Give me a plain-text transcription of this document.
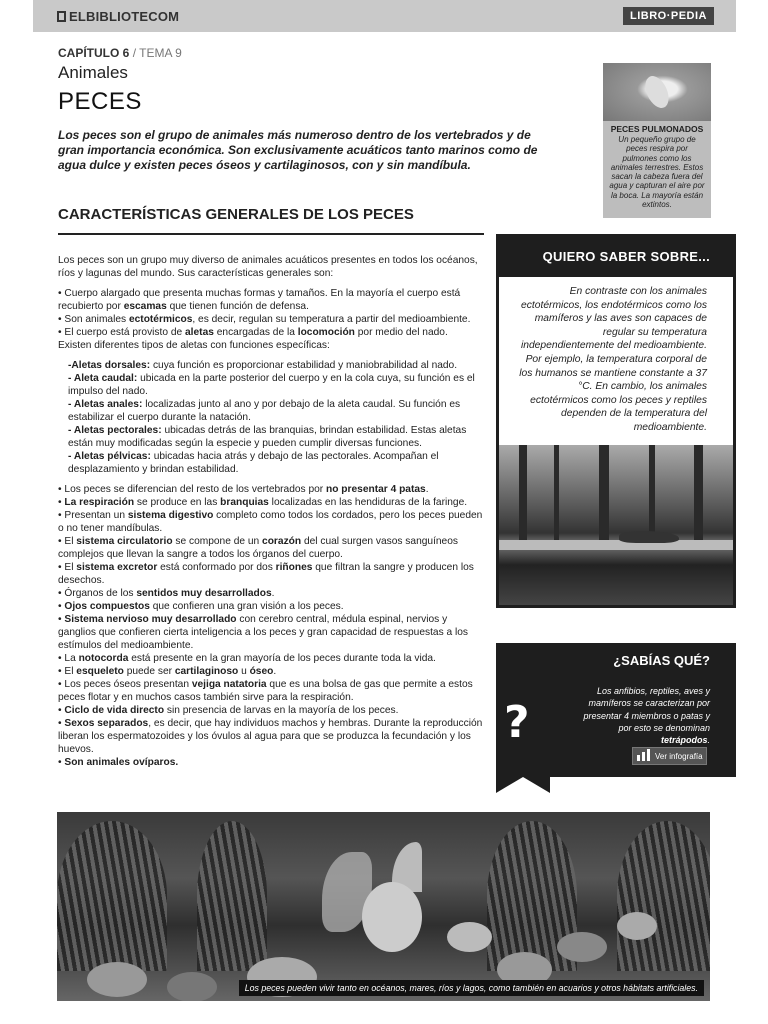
ELBIBLIOTECOM	LIBRO·PEDIA
CAPÍTULO 6 / TEMA 9
Animales
PECES
Los peces son el grupo de animales más numeroso dentro de los vertebrados y de gran importancia económica. Son exclusivamente acuáticos tanto marinos como de agua dulce y existen peces óseos y cartilaginosos, con y sin mandíbula.
PECES PULMONADOS
Un pequeño grupo de peces respira por pulmones como los animales terrestres. Estos sacan la cabeza fuera del agua y capturan el aire por la boca. La mayoría están extintos.
CARACTERÍSTICAS GENERALES DE LOS PECES

Los peces son un grupo muy diverso de animales acuáticos presentes en todos los océanos, ríos y lagunas del mundo. Sus características generales son:

• Cuerpo alargado que presenta muchas formas y tamaños. En la mayoría el cuerpo está recubierto por escamas que tienen función de defensa.

• Son animales ectotérmicos, es decir, regulan su temperatura a partir del medioambiente.

• El cuerpo está provisto de aletas encargadas de la locomoción por medio del nado. Existen diferentes tipos de aletas con funciones específicas:

-Aletas dorsales: cuya función es proporcionar estabilidad y maniobrabilidad al nado.

- Aleta caudal: ubicada en la parte posterior del cuerpo y en la cola cuya, su función es el impulso del nado.

- Aletas anales: localizadas junto al ano y por debajo de la aleta caudal. Su función es estabilizar el cuerpo durante la natación.

- Aletas pectorales: ubicadas detrás de las branquias, brindan estabilidad. Estas aletas están muy modificadas según la especie y pueden cumplir diversas funciones.

- Aletas pélvicas: ubicadas hacia atrás y debajo de las pectorales. Acompañan el desplazamiento y brindan estabilidad.

• Los peces se diferencian del resto de los vertebrados por no presentar 4 patas.

• La respiración se produce en las branquias localizadas en las hendiduras de la faringe.

• Presentan un sistema digestivo completo como todos los cordados, pero los peces pueden o no tener mandíbulas.

• El sistema circulatorio se compone de un corazón del cual surgen vasos sanguíneos complejos que llevan la sangre a todos los órganos del cuerpo.

• El sistema excretor está conformado por dos riñones que filtran la sangre y producen los desechos.

• Órganos de los sentidos muy desarrollados.

• Ojos compuestos que confieren una gran visión a los peces.

• Sistema nervioso muy desarrollado con cerebro central, médula espinal, nervios y ganglios que confieren cierta inteligencia a los peces y gran capacidad de respuestas a los estímulos del medioambiente.

• La notocorda está presente en la gran mayoría de los peces durante toda la vida.

• El esqueleto puede ser cartilaginoso u óseo.

• Los peces óseos presentan vejiga natatoria que es una bolsa de gas que permite a estos peces flotar y en muchos casos también sirve para la respiración.

• Ciclo de vida directo sin presencia de larvas en la mayoría de los peces.

• Sexos separados, es decir, que hay individuos machos y hembras. Durante la reproducción liberan los espermatozoides y los óvulos al agua para que se produzca la fecundación y los huevos.

• Son animales ovíparos.

QUIERO SABER SOBRE...
En contraste con los animales ectotérmicos, los endotérmicos como los mamíferos y las aves son capaces de regular su temperatura independientemente del medioambiente. Por ejemplo, la temperatura corporal de los humanos se mantiene constante a 37 °C. En cambio, los animales ectotérmicos como los peces y reptiles dependen de la temperatura del medioambiente.
¿SABÍAS QUÉ?
?
Los anfibios, reptiles, aves y mamíferos se caracterizan por presentar 4 miembros o patas y por esto se denominan tetrápodos.
Ver infografía
Los peces pueden vivir tanto en océanos, mares, ríos y lagos, como también en acuarios y otros hábitats artificiales.
